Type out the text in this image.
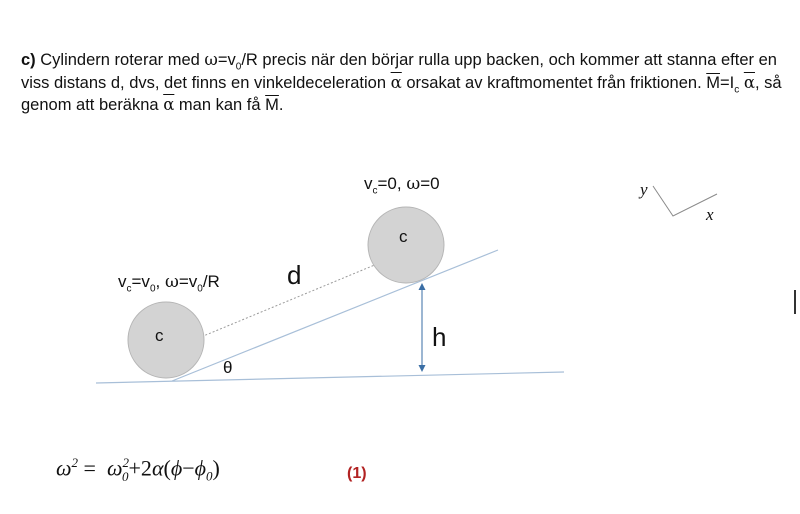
c) Cylindern roterar med $\omega=v_0/R$ precis när den börjar rulla upp backen, och kommer att stanna efter en viss distans d, dvs, det finns en vinkeldeceleration $\overline{\alpha}$ orsakat av kraftmomentet från friktionen. $\overline{M}=I_c$ $\overline{\alpha}$, så genom att beräkna $\overline{\alpha}$ man kan få $\overline{M}$.
$v_c=0$, ω=0
$v_c=v_0$, $\omega=v_0/R$
c
c
d
h
θ
y
x
$\omega^2 = \omega^2_0+2\alpha(\phi-\phi_0)$	(1)
